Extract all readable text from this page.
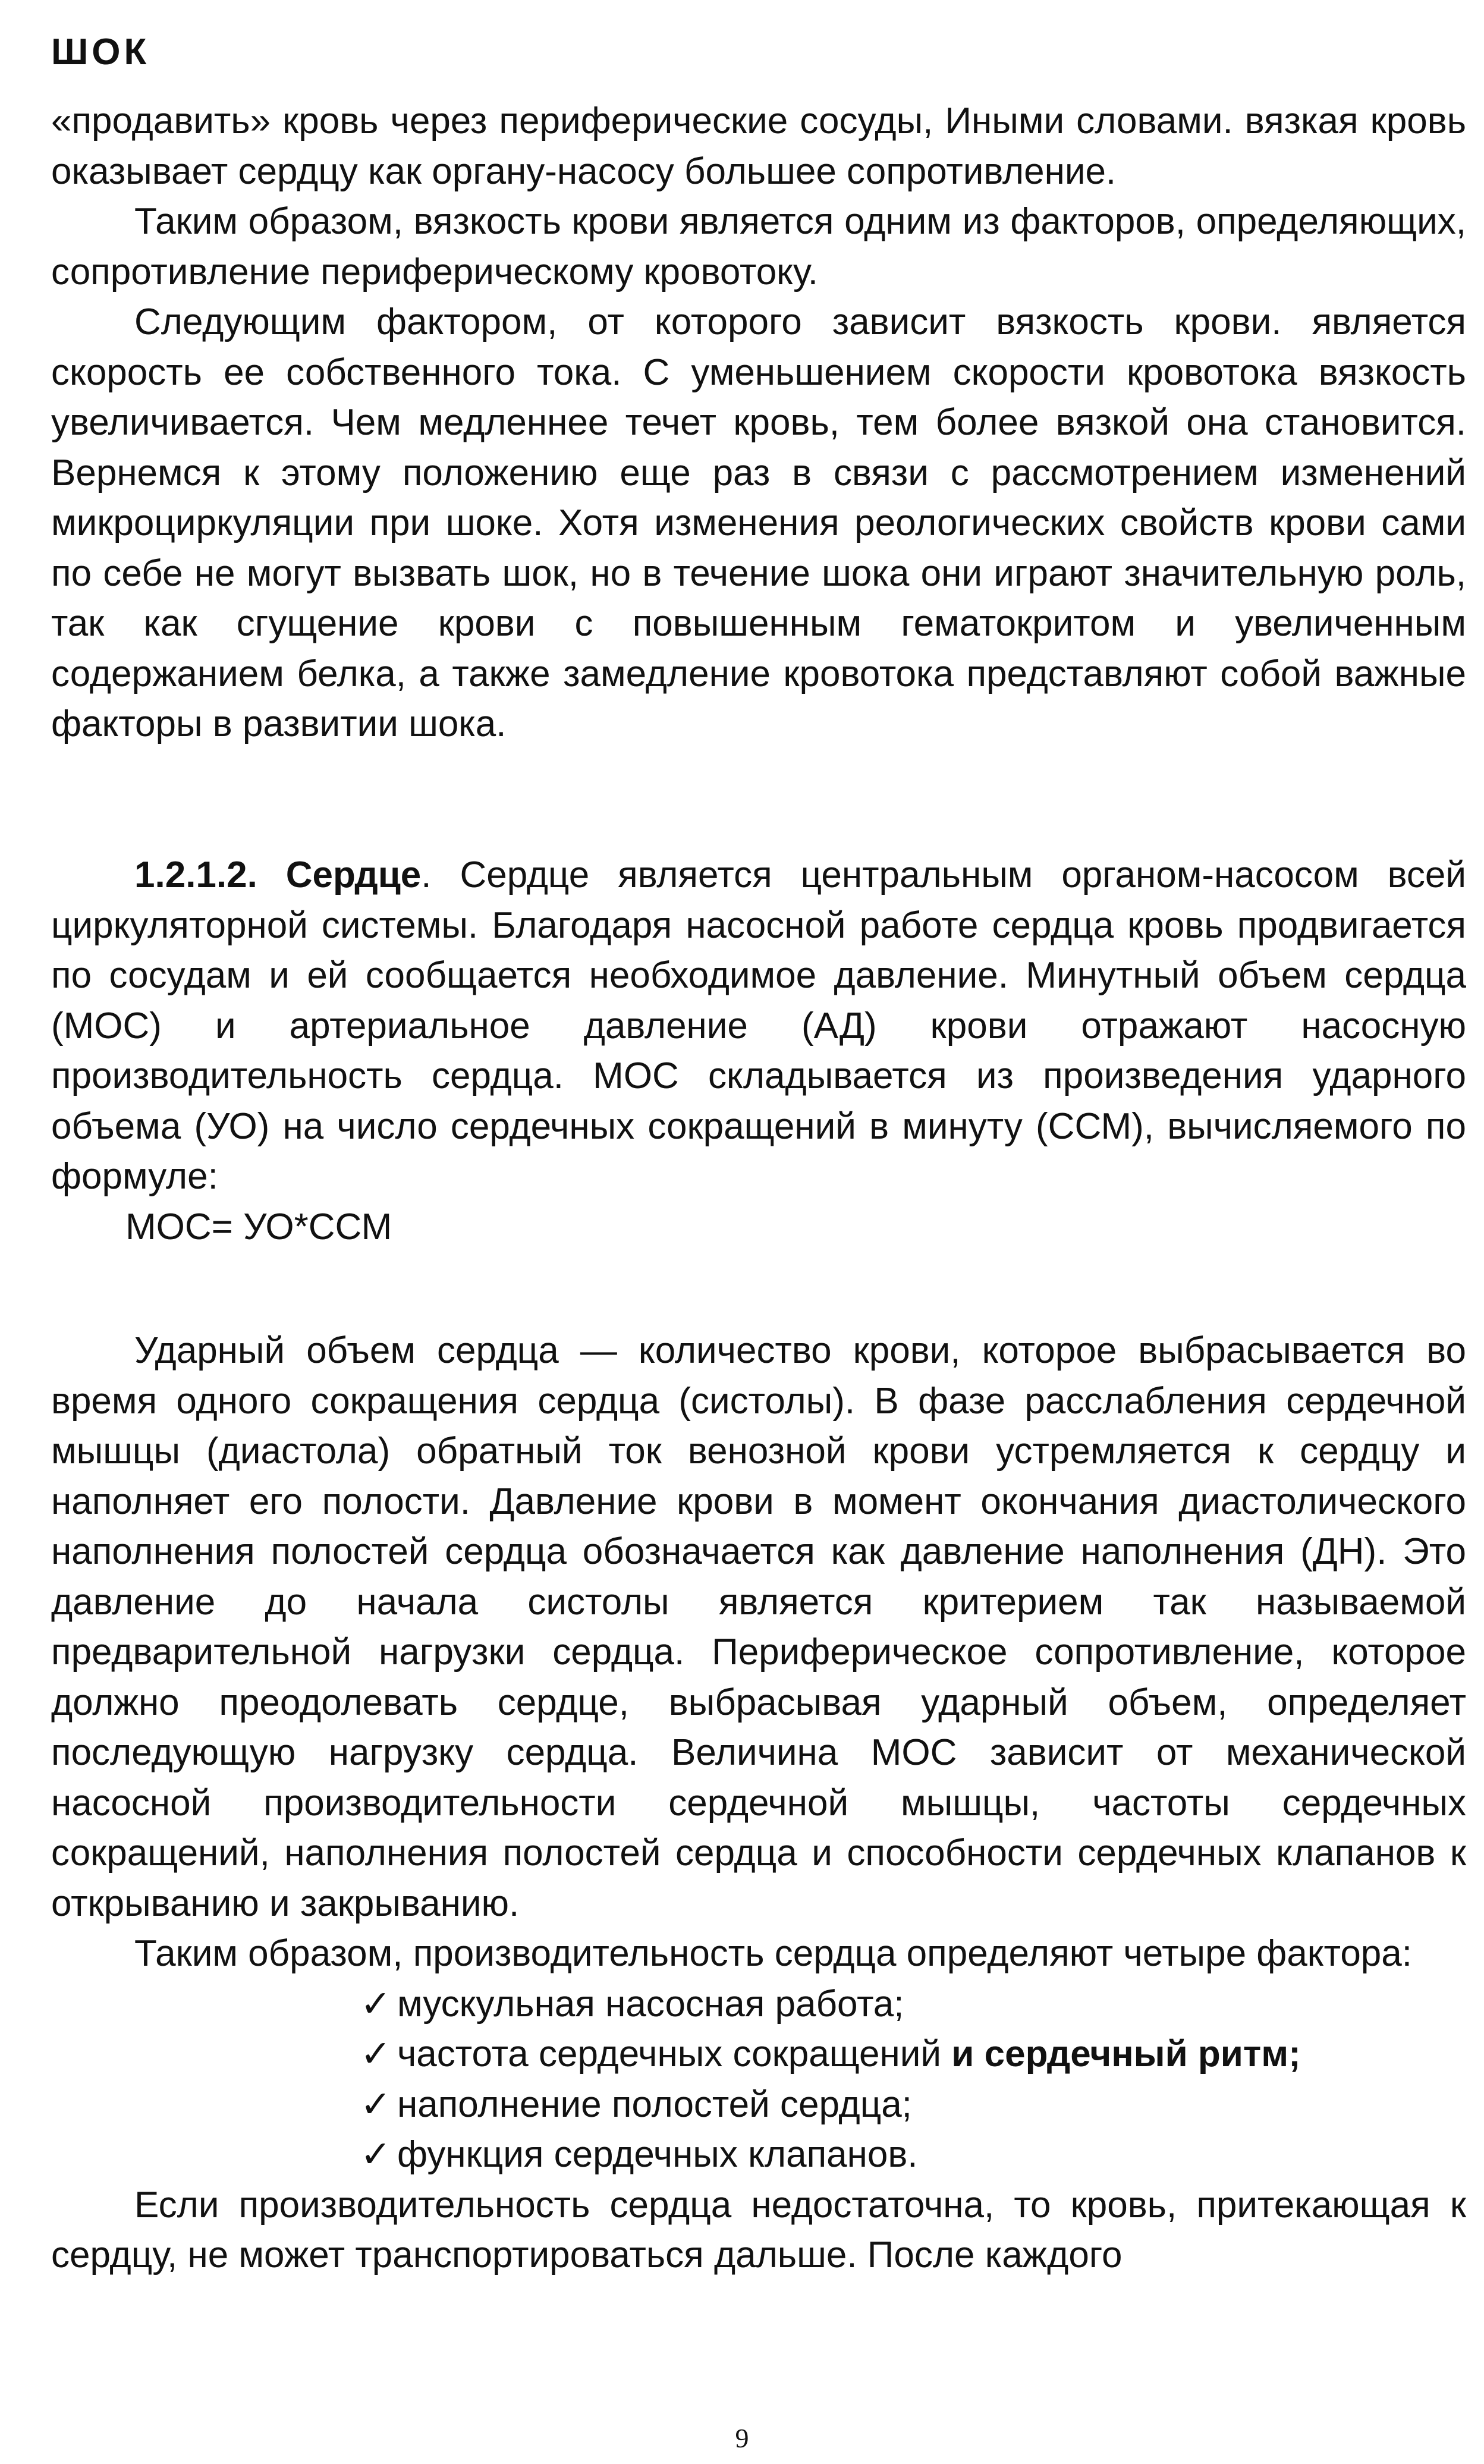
ШОК

«продавить» кровь через периферические сосуды, Иными словами. вязкая кровь оказывает сердцу как органу-насосу большее сопротивление.

Таким образом, вязкость крови является одним из факторов, определяющих, сопротивление периферическому кровотоку.

Следующим фактором, от которого зависит вязкость крови. является скорость ее собственного тока. С уменьшением скорости кровотока вязкость увеличивается. Чем медленнее течет кровь, тем более вязкой она становится. Вернемся к этому положению еще раз в связи с рассмотрением изменений микроциркуляции при шоке. Хотя изменения реологических свойств крови сами по себе не могут вызвать шок, но в течение шока они играют значительную роль, так как сгущение крови с повышенным гематокритом и увеличенным содержанием белка, а также замедление кровотока представляют собой важные факторы в развитии шока.

1.2.1.2. Сердце. Сердце является центральным органом-насосом всей циркуляторной системы. Благодаря насосной работе сердца кровь продвигается по сосудам и ей сообщается необходимое давление. Минутный объем сердца (МОС) и артериальное давление (АД) крови отражают насосную производительность сердца. МОС складывается из произведения ударного объема (УО) на число сердечных сокращений в минуту (ССМ), вычисляемого по формуле:

МОС= УО*ССМ

Ударный объем сердца — количество крови, которое выбрасывается во время одного сокращения сердца (систолы). В фазе расслабления сердечной мышцы (диастола) обратный ток венозной крови устремляется к сердцу и наполняет его полости. Давление крови в момент окончания диастолического наполнения полостей сердца обозначается как давление наполнения (ДН). Это давление до начала систолы является критерием так называемой предварительной нагрузки сердца. Периферическое сопротивление, которое должно преодолевать сердце, выбрасывая ударный объем, определяет последующую нагрузку сердца. Величина МОС зависит от механической насосной производительности сердечной мышцы, частоты сердечных сокращений, наполнения полостей сердца и способности сердечных клапанов к открыванию и закрыванию.

Таким образом, производительность сердца определяют четыре фактора:

✓ мускульная насосная работа;
✓ частота сердечных сокращений и сердечный ритм;
✓ наполнение полостей сердца;
✓ функция сердечных клапанов.

Если производительность сердца недостаточна, то кровь, притекающая к сердцу, не может транспортироваться дальше. После каждого

9
